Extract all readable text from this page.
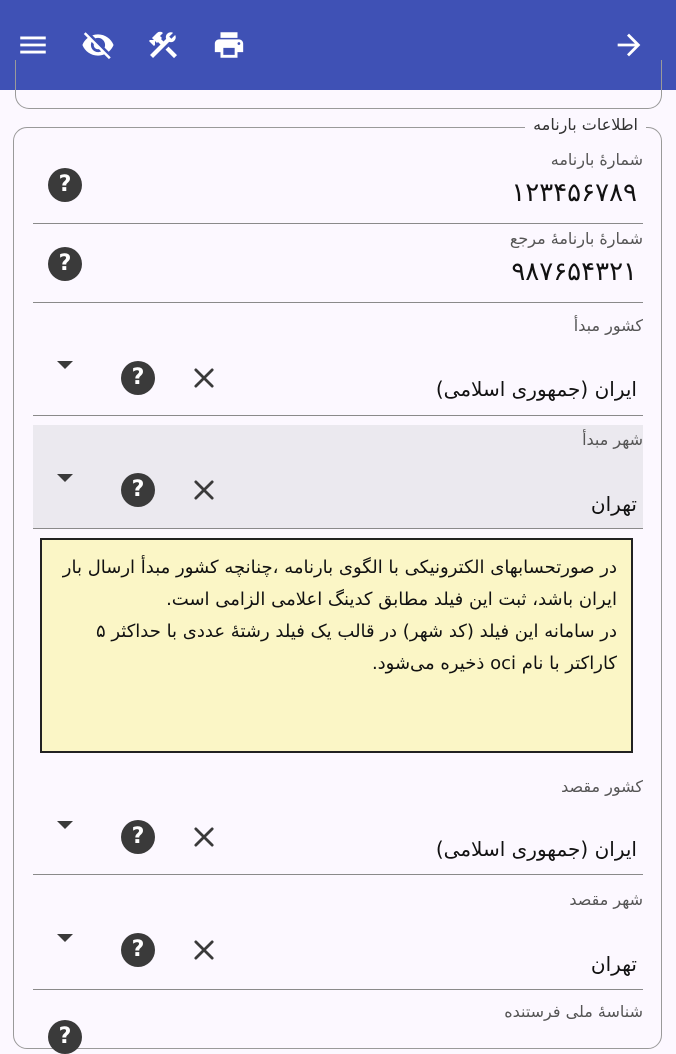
اطلاعات بارنامه
شمارهٔ بارنامه
۱۲۳۴۵۶۷۸۹
?
شمارهٔ بارنامهٔ مرجع
۹۸۷۶۵۴۳۲۱
?
کشور مبدأ
ایران (جمهوری اسلامی)
?
شهر مبدأ
تهران
?
در صورتحسابهای الکترونیکی با الگوی بارنامه ،چنانچه کشور مبدأ ارسال بار ایران باشد، ثبت این فیلد مطابق کدینگ اعلامی الزامی است.
در سامانه این فیلد (کد شهر) در قالب یک فیلد رشتهٔ عددی با حداکثر ۵ کاراکتر با نام oci ذخیره می‌شود.
کشور مقصد
ایران (جمهوری اسلامی)
?
شهر مقصد
تهران
?
شناسهٔ ملی فرستنده
?
